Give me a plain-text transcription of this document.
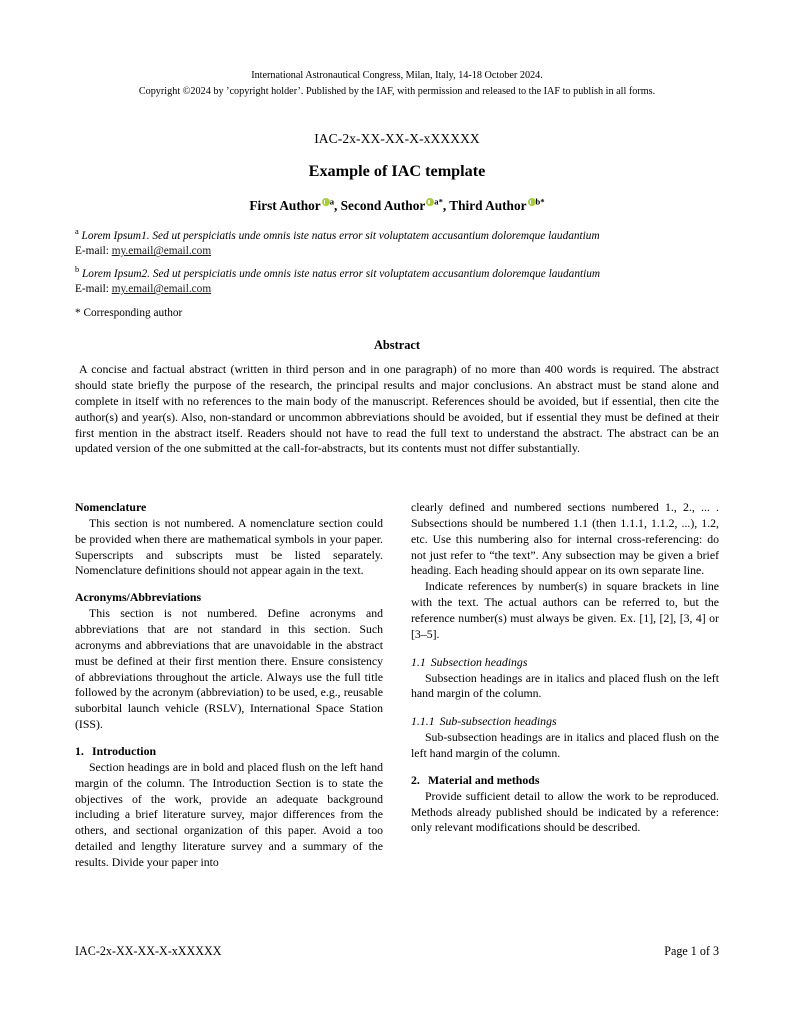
International Astronautical Congress, Milan, Italy, 14-18 October 2024.
Copyright ©2024 by ’copyright holder’. Published by the IAF, with permission and released to the IAF to publish in all forms.
IAC-2x-XX-XX-X-xXXXXX
Example of IAC template
First Author $^a$, Second Author $^{a*}$, Third Author $^{b*}$
$^a$ Lorem Ipsum1. Sed ut perspiciatis unde omnis iste natus error sit voluptatem accusantium doloremque laudantium
E-mail: my.email@email.com
$^b$ Lorem Ipsum2. Sed ut perspiciatis unde omnis iste natus error sit voluptatem accusantium doloremque laudantium
E-mail: my.email@email.com
* Corresponding author
Abstract
A concise and factual abstract (written in third person and in one paragraph) of no more than 400 words is required. The abstract should state briefly the purpose of the research, the principal results and major conclusions. An abstract must be stand alone and complete in itself with no references to the main body of the manuscript. References should be avoided, but if essential, then cite the author(s) and year(s). Also, non-standard or uncommon abbreviations should be avoided, but if essential they must be defined at their first mention in the abstract itself. Readers should not have to read the full text to understand the abstract. The abstract can be an updated version of the one submitted at the call-for-abstracts, but its contents must not differ substantially.
Nomenclature

This section is not numbered. A nomenclature section could be provided when there are mathematical symbols in your paper. Superscripts and subscripts must be listed separately. Nomenclature definitions should not appear again in the text.

Acronyms/Abbreviations

This section is not numbered. Define acronyms and abbreviations that are not standard in this section. Such acronyms and abbreviations that are unavoidable in the abstract must be defined at their first mention there. Ensure consistency of abbreviations throughout the article. Always use the full title followed by the acronym (abbreviation) to be used, e.g., reusable suborbital launch vehicle (RSLV), International Space Station (ISS).

1. Introduction

Section headings are in bold and placed flush on the left hand margin of the column. The Introduction Section is to state the objectives of the work, provide an adequate background including a brief literature survey, major differences from the others, and sectional organization of this paper. Avoid a too detailed and lengthy literature survey and a summary of the results. Divide your paper into

clearly defined and numbered sections numbered 1., 2., ... . Subsections should be numbered 1.1 (then 1.1.1, 1.1.2, ...), 1.2, etc. Use this numbering also for internal cross-referencing: do not just refer to “the text”. Any subsection may be given a brief heading. Each heading should appear on its own separate line.

Indicate references by number(s) in square brackets in line with the text. The actual authors can be referred to, but the reference number(s) must always be given. Ex. [1], [2], [3, 4] or [3–5].

1.1 Subsection headings

Subsection headings are in italics and placed flush on the left hand margin of the column.

1.1.1 Sub-subsection headings

Sub-subsection headings are in italics and placed flush on the left hand margin of the column.

2. Material and methods

Provide sufficient detail to allow the work to be reproduced. Methods already published should be indicated by a reference: only relevant modifications should be described.

IAC-2x-XX-XX-X-xXXXXX	Page 1 of 3
